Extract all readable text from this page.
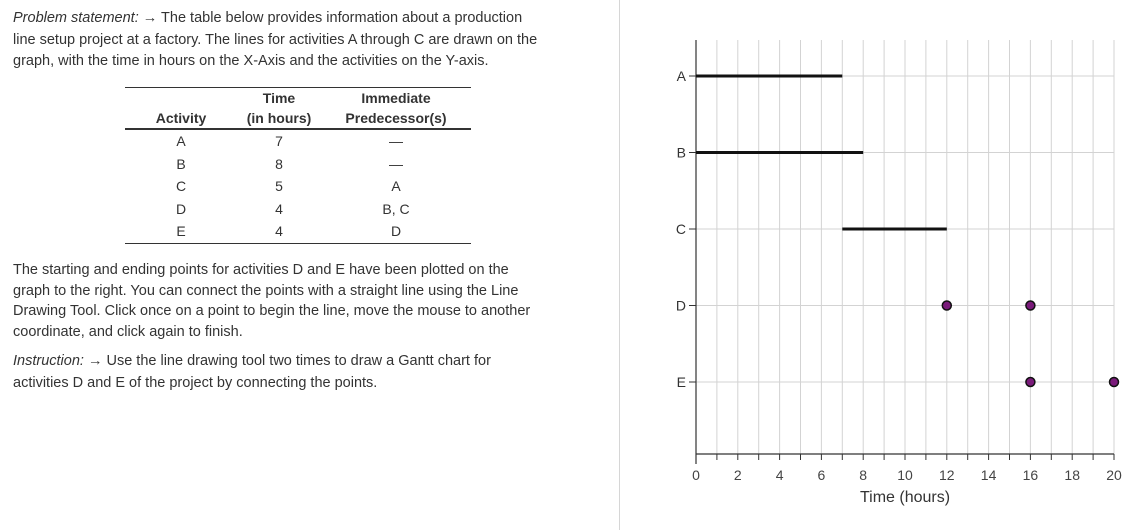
Problem statement: → The table below provides information about a production
line setup project at a factory. The lines for activities A through C are drawn on the
graph, with the time in hours on the X-Axis and the activities on the Y-axis.
	Time	Immediate
Activity	(in hours)	Predecessor(s)
A	7	—
B	8	—
C	5	A
D	4	B, C
E	4	D
The starting and ending points for activities D and E have been plotted on the
graph to the right. You can connect the points with a straight line using the Line
Drawing Tool. Click once on a point to begin the line, move the mouse to another
coordinate, and click again to finish.
Instruction: → Use the line drawing tool two times to draw a Gantt chart for
activities D and E of the project by connecting the points.
A
B
C
D
E
0 2 4 6 8 10 12 14 16 18 20
Time (hours)
